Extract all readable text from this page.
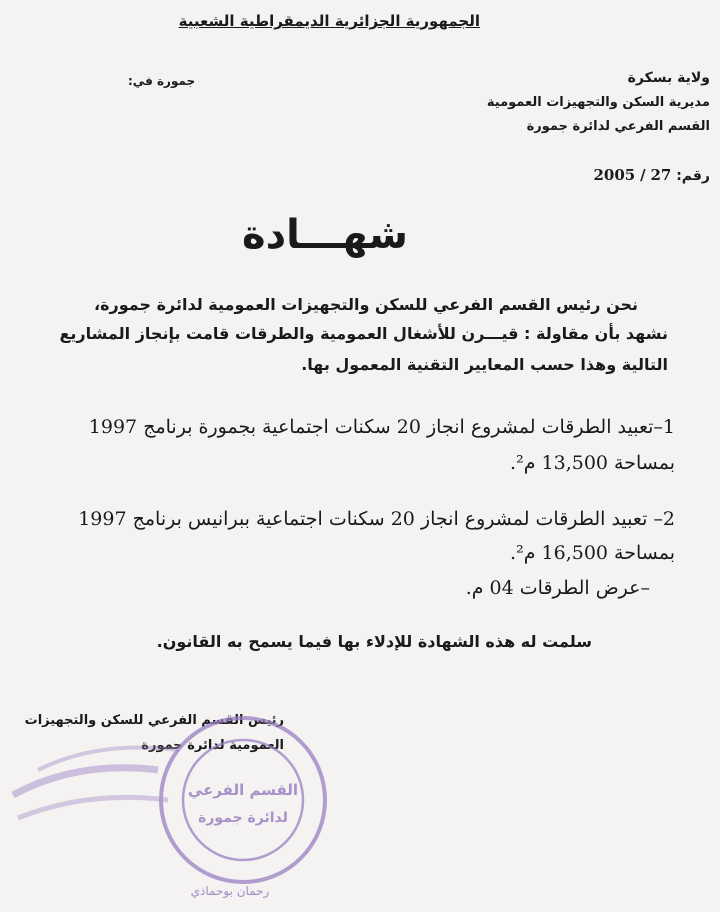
الجمهورية الجزائرية الديمقراطية الشعبية
جمورة في:	ولاية بسكرة
مديرية السكن والتجهيزات العمومية
القسم الفرعي لدائرة جمورة
رقم: 27 / 2005
شهـــادة
نحن رئيس القسم الفرعي للسكن والتجهيزات العمومية لدائرة جمورة،
نشهد بأن مقاولة : قيـــرن للأشغال العمومية والطرقات قامت بإنجاز المشاريع
التالية وهذا حسب المعايير التقنية المعمول بها.
1–تعبيد الطرقات لمشروع انجاز 20 سكنات اجتماعية بجمورة برنامج 1997
بمساحة 13,500 م².
2– تعبيد الطرقات لمشروع انجاز 20 سكنات اجتماعية ببرانيس برنامج 1997
بمساحة 16,500 م².
–عرض الطرقات 04 م.
سلمت له هذه الشهادة للإدلاء بها فيما يسمح به القانون.
رئيس القسم الفرعي للسكن والتجهيزات
العمومية لدائرة جمورة
القسم الفرعي
لدائرة جمورة
رحمان بوحماذي
